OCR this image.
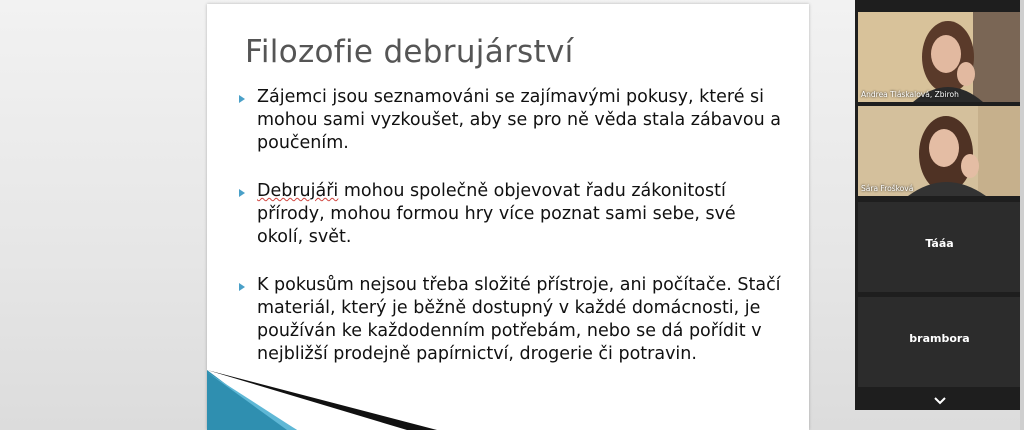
Filozofie debrujárství
Zájemci jsou seznamováni se zajímavými pokusy, které si mohou sami vyzkoušet, aby se pro ně věda stala zábavou a poučením.
Debrujáři mohou společně objevovat řadu zákonitostí přírody, mohou formou hry více poznat sami sebe, své okolí, svět.
K pokusům nejsou třeba složité přístroje, ani počítače. Stačí materiál, který je běžně dostupný v každé domácnosti, je používán ke každodenním potřebám, nebo se dá pořídit v nejbližší prodejně papírnictví, drogerie či potravin.
Andrea Tláskalová, Zbiroh
Sára Frošková
Tááa
brambora
